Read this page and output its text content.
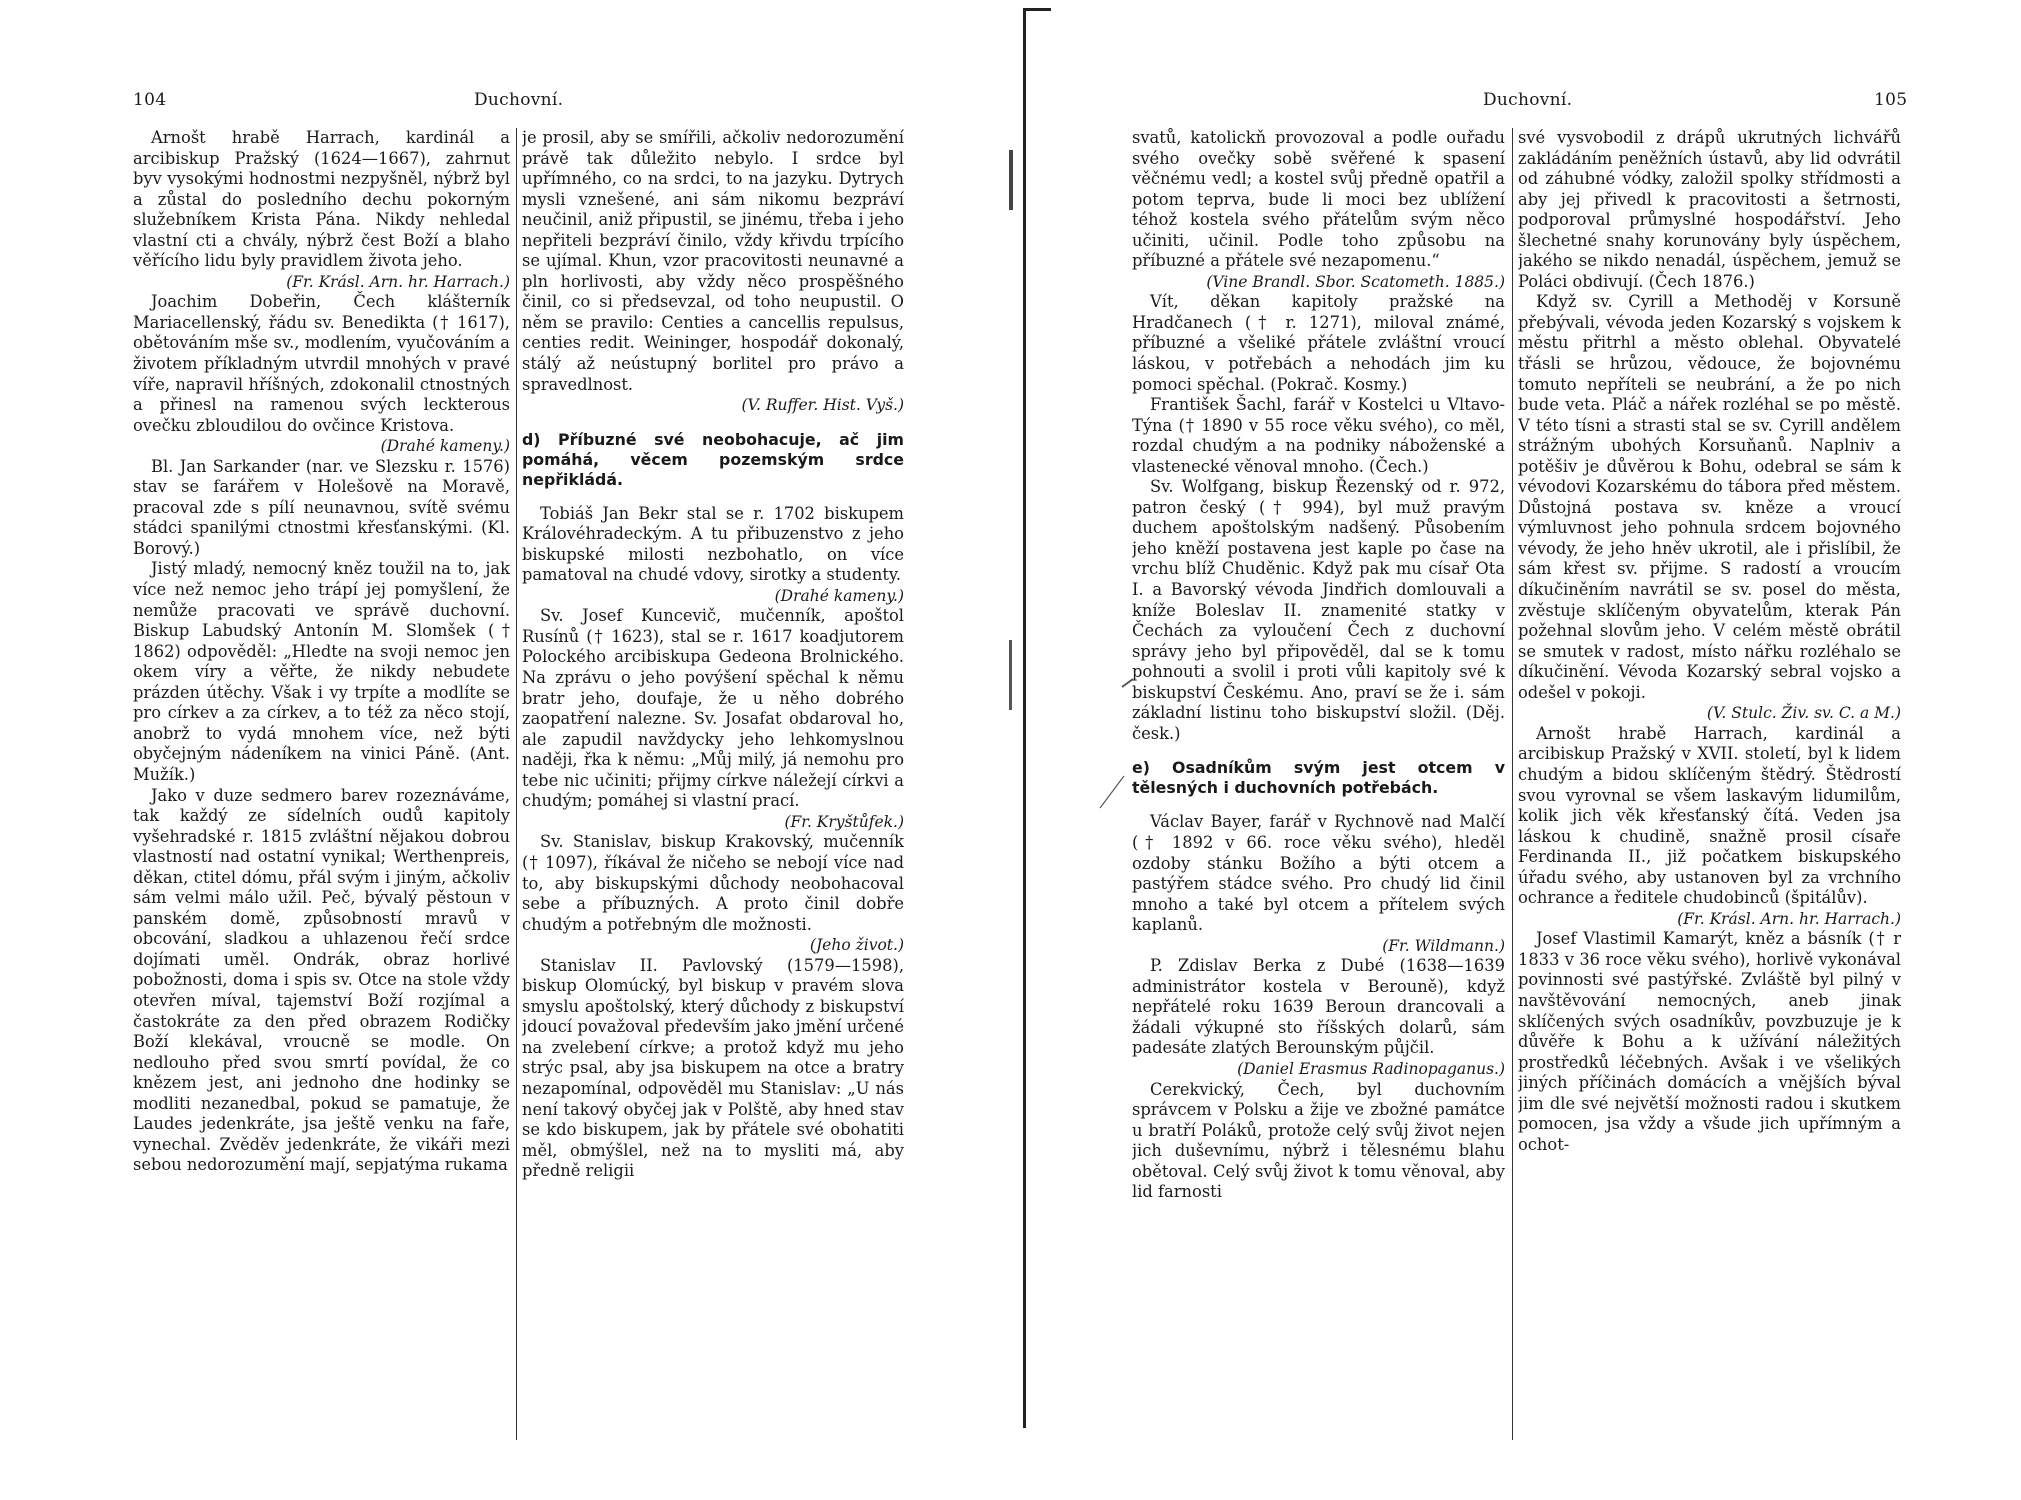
104	Duchovní.

Arnošt hrabě Harrach, kardinál a arcibiskup Pražský (1624—1667), zahrnut byv vysokými hodnostmi nezpyšněl, nýbrž byl a zůstal do posledního dechu pokorným služebníkem Krista Pána. Nikdy nehledal vlastní cti a chvály, nýbrž čest Boží a blaho věřícího lidu byly pravidlem života jeho.

(Fr. Krásl. Arn. hr. Harrach.)

Joachim Dobeřin, Čech klášterník Mariacellenský, řádu sv. Benedikta († 1617), obětováním mše sv., modlením, vyučováním a životem příkladným utvrdil mnohých v pravé víře, napravil hříšných, zdokonalil ctnostných a přinesl na ramenou svých leckterous ovečku zbloudilou do ovčince Kristova.

(Drahé kameny.)

Bl. Jan Sarkander (nar. ve Slezsku r. 1576) stav se farářem v Holešově na Moravě, pracoval zde s pílí neunavnou, svítě svému stádci spanilými ctnostmi křesťanskými. (Kl. Borový.)

Jistý mladý, nemocný kněz toužil na to, jak více než nemoc jeho trápí jej pomyšlení, že nemůže pracovati ve správě duchovní. Biskup Labudský Antonín M. Slomšek († 1862) odpověděl: „Hledte na svoji nemoc jen okem víry a věřte, že nikdy nebudete prázden útěchy. Však i vy trpíte a modlíte se pro církev a za církev, a to též za něco stojí, anobrž to vydá mnohem více, než býti obyčejným nádeníkem na vinici Páně. (Ant. Mužík.)

Jako v duze sedmero barev rozeznáváme, tak každý ze sídelních oudů kapitoly vyšehradské r. 1815 zvláštní nějakou dobrou vlastností nad ostatní vynikal; Werthenpreis, děkan, ctitel dómu, přál svým i jiným, ačkoliv sám velmi málo užil. Peč, bývalý pěstoun v panském domě, způsobností mravů v obcování, sladkou a uhlazenou řečí srdce dojímati uměl. Ondrák, obraz horlivé pobožnosti, doma i spis sv. Otce na stole vždy otevřen míval, tajemství Boží rozjímal a častokráte za den před obrazem Rodičky Boží klekával, vroucně se modle. On nedlouho před svou smrtí povídal, že co knězem jest, ani jednoho dne hodinky se modliti nezanedbal, pokud se pamatuje, že Laudes jedenkráte, jsa ještě venku na faře, vynechal. Zvěděv jedenkráte, že vikáři mezi sebou nedorozumění mají, sepjatýma rukama

je prosil, aby se smířili, ačkoliv nedorozumění právě tak důležito nebylo. I srdce byl upřímného, co na srdci, to na jazyku. Dytrych mysli vznešené, ani sám nikomu bezpráví neučinil, aniž připustil, se jinému, třeba i jeho nepřiteli bezpráví činilo, vždy křivdu trpícího se ujímal. Khun, vzor pracovitosti neunavné a pln horlivosti, aby vždy něco prospěšného činil, co si předsevzal, od toho neupustil. O něm se pravilo: Centies a cancellis repulsus, centies redit. Weininger, hospodář dokonalý, stálý až neústupný borlitel pro právo a spravedlnost.

(V. Ruffer. Hist. Vyš.)

d) Příbuzné své neobohacuje, ač jim pomáhá, věcem pozemským srdce nepřikládá.

Tobiáš Jan Bekr stal se r. 1702 biskupem Královéhradeckým. A tu přibuzenstvo z jeho biskupské milosti nezbohatlo, on více pamatoval na chudé vdovy, sirotky a studenty.

(Drahé kameny.)

Sv. Josef Kuncevič, mučenník, apoštol Rusínů († 1623), stal se r. 1617 koadjutorem Polockého arcibiskupa Gedeona Brolnického. Na zprávu o jeho povýšení spěchal k němu bratr jeho, doufaje, že u něho dobrého zaopatření nalezne. Sv. Josafat obdaroval ho, ale zapudil navždycky jeho lehkomyslnou naději, řka k němu: „Můj milý, já nemohu pro tebe nic učiniti; přijmy církve náležejí církvi a chudým; pomáhej si vlastní prací.

(Fr. Kryštůfek.)

Sv. Stanislav, biskup Krakovský, mučenník († 1097), říkával že ničeho se nebojí více nad to, aby biskupskými důchody neobohacoval sebe a příbuzných. A proto činil dobře chudým a potřebným dle možnosti.

(Jeho život.)

Stanislav II. Pavlovský (1579—1598), biskup Olomúcký, byl biskup v pravém slova smyslu apoštolský, který důchody z biskupství jdoucí považoval především jako jmění určené na zvelebení církve; a protož když mu jeho strýc psal, aby jsa biskupem na otce a bratry nezapomínal, odpověděl mu Stanislav: „U nás není takový obyčej jak v Polště, aby hned stav se kdo biskupem, jak by přátele své obohatiti měl, obmýšlel, než na to mysliti má, aby předně religii

Duchovní.	105

svatů, katolickň provozoval a podle ouřadu svého ovečky sobě svěřené k spasení věčnému vedl; a kostel svůj předně opatřil a potom teprva, bude li moci bez ublížení téhož kostela svého přátelům svým něco učiniti, učinil. Podle toho způsobu na příbuzné a přátele své nezapomenu.“

(Vine Brandl. Sbor. Scatometh. 1885.)

Vít, děkan kapitoly pražské na Hradčanech († r. 1271), miloval známé, příbuzné a všeliké přátele zvláštní vroucí láskou, v potřebách a nehodách jim ku pomoci spěchal. (Pokrač. Kosmy.)

František Šachl, farář v Kostelci u Vltavo-Týna († 1890 v 55 roce věku svého), co měl, rozdal chudým a na podniky náboženské a vlastenecké věnoval mnoho. (Čech.)

Sv. Wolfgang, biskup Řezenský od r. 972, patron český († 994), byl muž pravým duchem apoštolským nadšený. Působením jeho kněží postavena jest kaple po čase na vrchu blíž Chuděnic. Když pak mu císař Ota I. a Bavorský vévoda Jindřich domlouvali a kníže Boleslav II. znamenité statky v Čechách za vyloučení Čech z duchovní správy jeho byl připověděl, dal se k tomu pohnouti a svolil i proti vůli kapitoly své k biskupství Českému. Ano, praví se že i. sám základní listinu toho biskupství složil. (Děj. česk.)

e) Osadníkům svým jest otcem v tělesných i duchovních potřebách.

Václav Bayer, farář v Rychnově nad Malčí († 1892 v 66. roce věku svého), hleděl ozdoby stánku Božího a býti otcem a pastýřem stádce svého. Pro chudý lid činil mnoho a také byl otcem a přítelem svých kaplanů.

(Fr. Wildmann.)

P. Zdislav Berka z Dubé (1638—1639 administrátor kostela v Berouně), když nepřátelé roku 1639 Beroun drancovali a žádali výkupné sto říšských dolarů, sám padesáte zlatých Berounským půjčil.

(Daniel Erasmus Radinopaganus.)

Cerekvický, Čech, byl duchovním správcem v Polsku a žije ve zbožné památce u bratří Poláků, protože celý svůj život nejen jich duševnímu, nýbrž i tělesnému blahu obětoval. Celý svůj život k tomu věnoval, aby lid farnosti

své vysvobodil z drápů ukrutných lichvářů zakládáním peněžních ústavů, aby lid odvrátil od záhubné vódky, založil spolky střídmosti a aby jej přivedl k pracovitosti a šetrnosti, podporoval průmyslné hospodářství. Jeho šlechetné snahy korunovány byly úspěchem, jakého se nikdo nenadál, úspěchem, jemuž se Poláci obdivují. (Čech 1876.)

Když sv. Cyrill a Methoděj v Korsuně přebývali, vévoda jeden Kozarský s vojskem k městu přitrhl a město oblehal. Obyvatelé třásli se hrůzou, vědouce, že bojovnému tomuto nepříteli se neubrání, a že po nich bude veta. Pláč a nářek rozléhal se po městě. V této tísni a strasti stal se sv. Cyrill andělem strážným ubohých Korsuňanů. Naplniv a potěšiv je důvěrou k Bohu, odebral se sám k vévodovi Kozarskému do tábora před městem. Důstojná postava sv. kněze a vroucí výmluvnost jeho pohnula srdcem bojovného vévody, že jeho hněv ukrotil, ale i přislíbil, že sám křest sv. přijme. S radostí a vroucím díkučiněním navrátil se sv. posel do města, zvěstuje sklíčeným obyvatelům, kterak Pán požehnal slovům jeho. V celém městě obrátil se smutek v radost, místo nářku rozléhalo se díkučinění. Vévoda Kozarský sebral vojsko a odešel v pokoji.

(V. Stulc. Živ. sv. C. a M.)

Arnošt hrabě Harrach, kardinál a arcibiskup Pražský v XVII. století, byl k lidem chudým a bidou sklíčeným štědrý. Štědrostí svou vyrovnal se všem laskavým lidumilům, kolik jich věk křesťanský čítá. Veden jsa láskou k chudině, snažně prosil císaře Ferdinanda II., již počatkem biskupského úřadu svého, aby ustanoven byl za vrchního ochrance a ředitele chudobinců (špitálův).

(Fr. Krásl. Arn. hr. Harrach.)

Josef Vlastimil Kamarýt, kněz a básník († r 1833 v 36 roce věku svého), horlivě vykonával povinnosti své pastýřské. Zvláště byl pilný v navštěvování nemocných, aneb jinak sklíčených svých osadníkův, povzbuzuje je k důvěře k Bohu a k užívání náležitých prostředků léčebných. Avšak i ve všelikých jiných příčinách domácích a vnějších býval jim dle své největší možnosti radou i skutkem pomocen, jsa vždy a všude jich upřímným a ochot-
